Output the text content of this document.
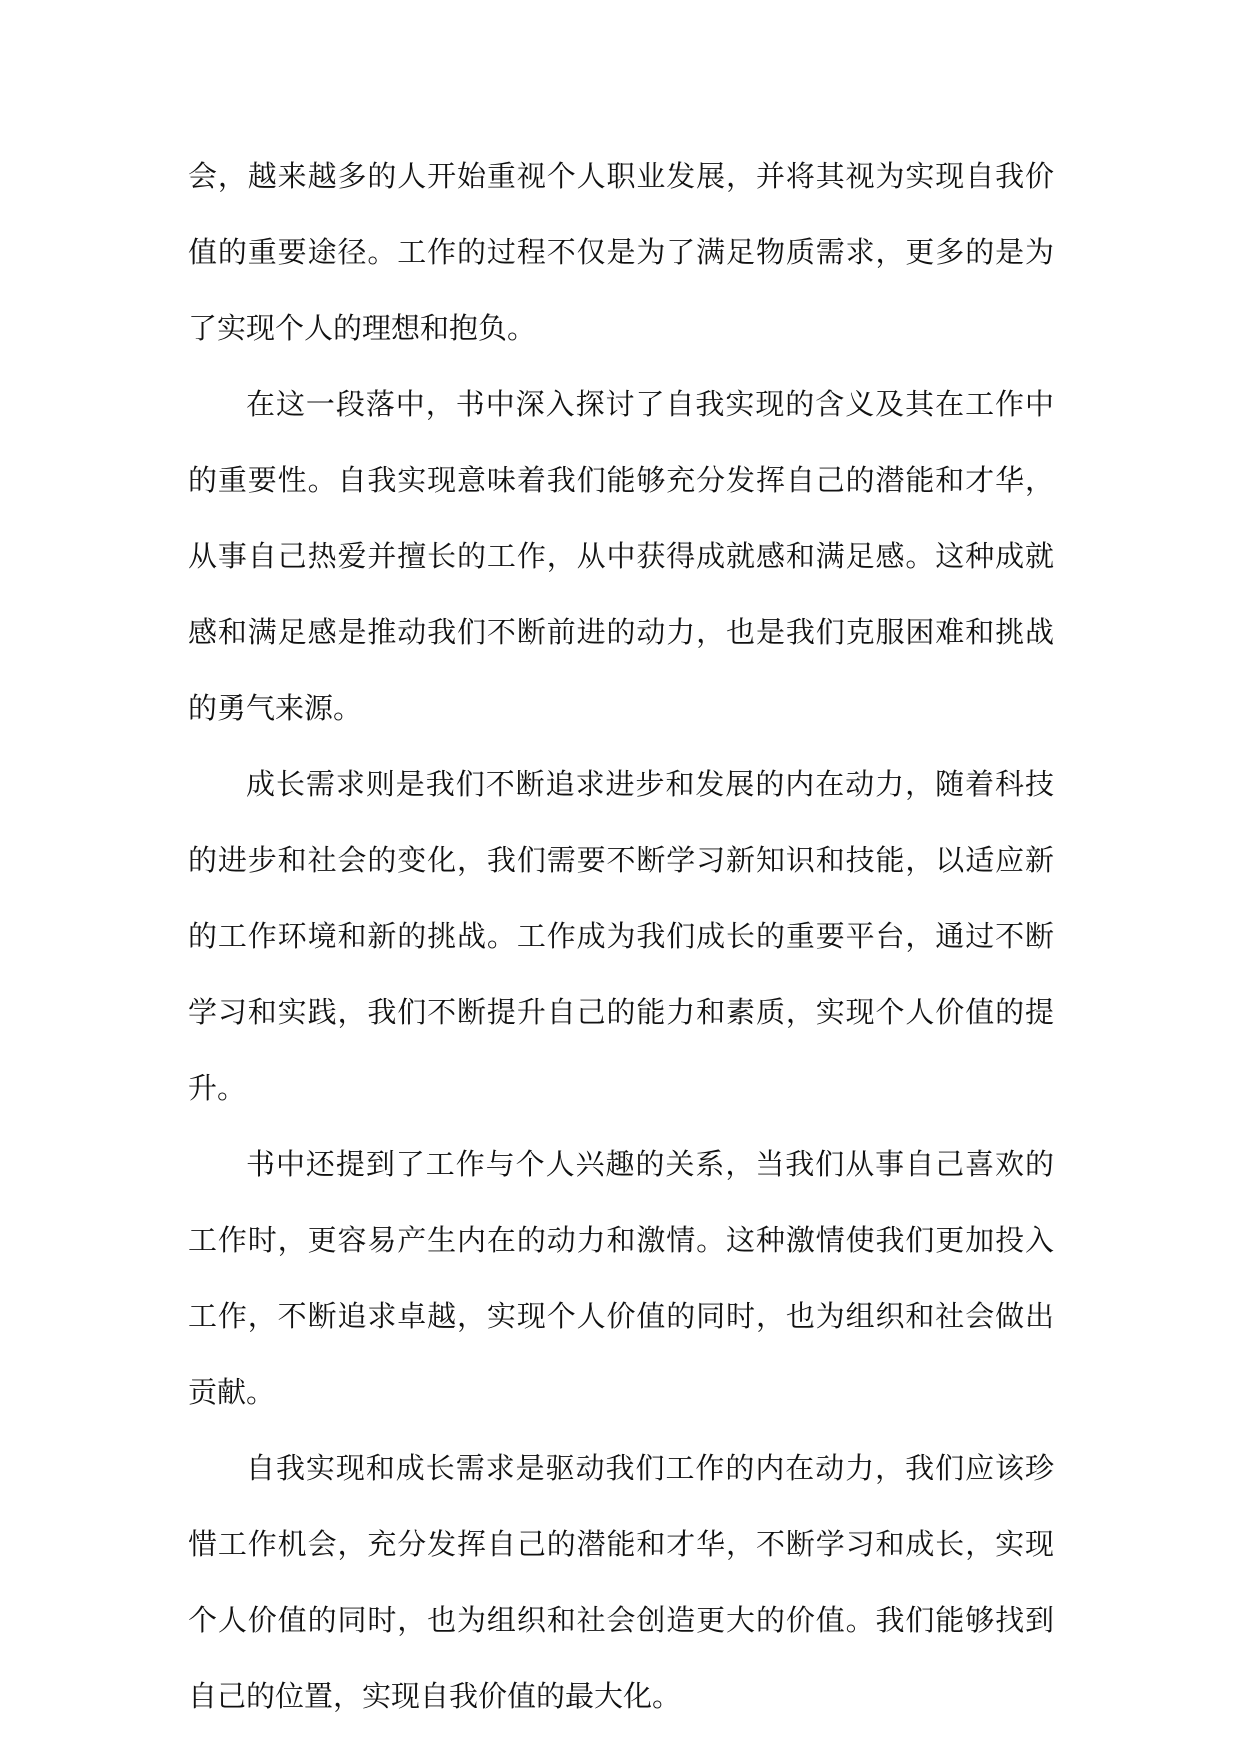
会，越来越多的人开始重视个人职业发展，并将其视为实现自我价值的重要途径。工作的过程不仅是为了满足物质需求，更多的是为了实现个人的理想和抱负。

在这一段落中，书中深入探讨了自我实现的含义及其在工作中的重要性。自我实现意味着我们能够充分发挥自己的潜能和才华，从事自己热爱并擅长的工作，从中获得成就感和满足感。这种成就感和满足感是推动我们不断前进的动力，也是我们克服困难和挑战的勇气来源。

成长需求则是我们不断追求进步和发展的内在动力，随着科技的进步和社会的变化，我们需要不断学习新知识和技能，以适应新的工作环境和新的挑战。工作成为我们成长的重要平台，通过不断学习和实践，我们不断提升自己的能力和素质，实现个人价值的提升。

书中还提到了工作与个人兴趣的关系，当我们从事自己喜欢的工作时，更容易产生内在的动力和激情。这种激情使我们更加投入工作，不断追求卓越，实现个人价值的同时，也为组织和社会做出贡献。

自我实现和成长需求是驱动我们工作的内在动力，我们应该珍惜工作机会，充分发挥自己的潜能和才华，不断学习和成长，实现个人价值的同时，也为组织和社会创造更大的价值。我们能够找到自己的位置，实现自我价值的最大化。
